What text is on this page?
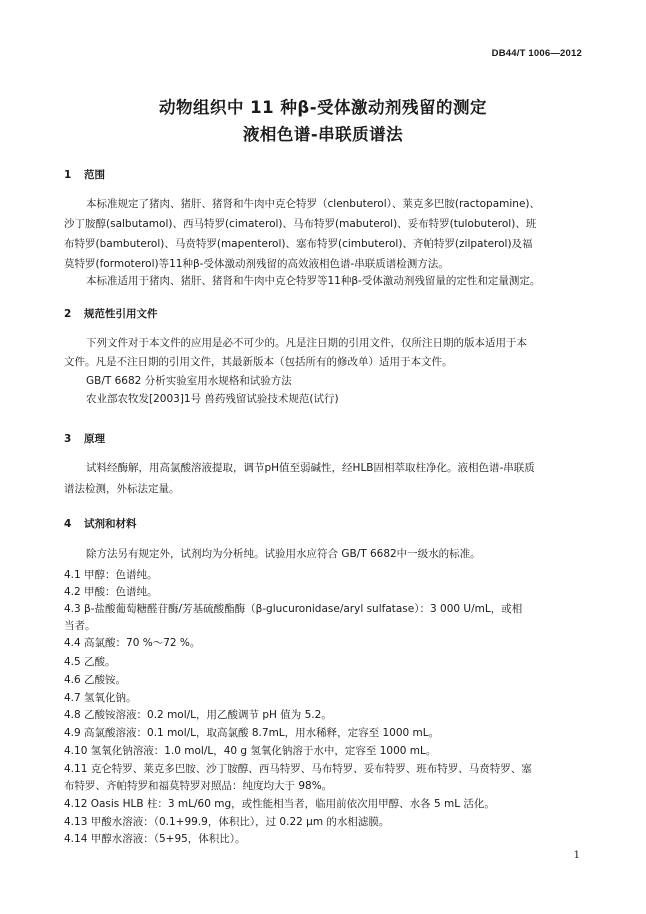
DB44/T 1006—2012
动物组织中 11 种β-受体激动剂残留的测定
液相色谱-串联质谱法
1 范围
本标准规定了猪肉、猪肝、猪肾和牛肉中克仑特罗（clenbuterol）、莱克多巴胺(ractopamine)、
沙丁胺醇(salbutamol)、西马特罗(cimaterol)、马布特罗(mabuterol)、妥布特罗(tulobuterol)、班
布特罗(bambuterol)、马贲特罗(mapenterol)、塞布特罗(cimbuterol)、齐帕特罗(zilpaterol)及福
莫特罗(formoterol)等11种β-受体激动剂残留的高效液相色谱-串联质谱检测方法。
本标准适用于猪肉、猪肝、猪肾和牛肉中克仑特罗等11种β-受体激动剂残留量的定性和定量测定。
2 规范性引用文件
下列文件对于本文件的应用是必不可少的。凡是注日期的引用文件，仅所注日期的版本适用于本
文件。凡是不注日期的引用文件，其最新版本（包括所有的修改单）适用于本文件。
GB/T 6682 分析实验室用水规格和试验方法
农业部农牧发[2003]1号 兽药残留试验技术规范(试行)
3 原理
试料经酶解，用高氯酸溶液提取，调节pH值至弱碱性，经HLB固相萃取柱净化。液相色谱-串联质
谱法检测，外标法定量。
4 试剂和材料
除方法另有规定外，试剂均为分析纯。试验用水应符合 GB/T 6682中一级水的标准。
4.1 甲醇：色谱纯。
4.2 甲酸：色谱纯。
4.3 β-盐酸葡萄糖醛苷酶/芳基硫酸酯酶（β-glucuronidase/aryl sulfatase）：3 000 U/mL，或相
当者。
4.4 高氯酸：70 %～72 %。
4.5 乙酸。
4.6 乙酸铵。
4.7 氢氧化钠。
4.8 乙酸铵溶液：0.2 mol/L，用乙酸调节 pH 值为 5.2。
4.9 高氯酸溶液：0.1 mol/L，取高氯酸 8.7mL，用水稀释，定容至 1000 mL。
4.10 氢氧化钠溶液：1.0 mol/L，40 g 氢氧化钠溶于水中，定容至 1000 mL。
4.11 克仑特罗、莱克多巴胺、沙丁胺醇、西马特罗、马布特罗、妥布特罗、班布特罗、马贲特罗、塞
布特罗、齐帕特罗和福莫特罗对照品：纯度均大于 98%。
4.12 Oasis HLB 柱：3 mL/60 mg，或性能相当者，临用前依次用甲醇、水各 5 mL 活化。
4.13 甲酸水溶液：（0.1+99.9，体积比），过 0.22 μm 的水相滤膜。
4.14 甲醇水溶液：（5+95，体积比）。
1
